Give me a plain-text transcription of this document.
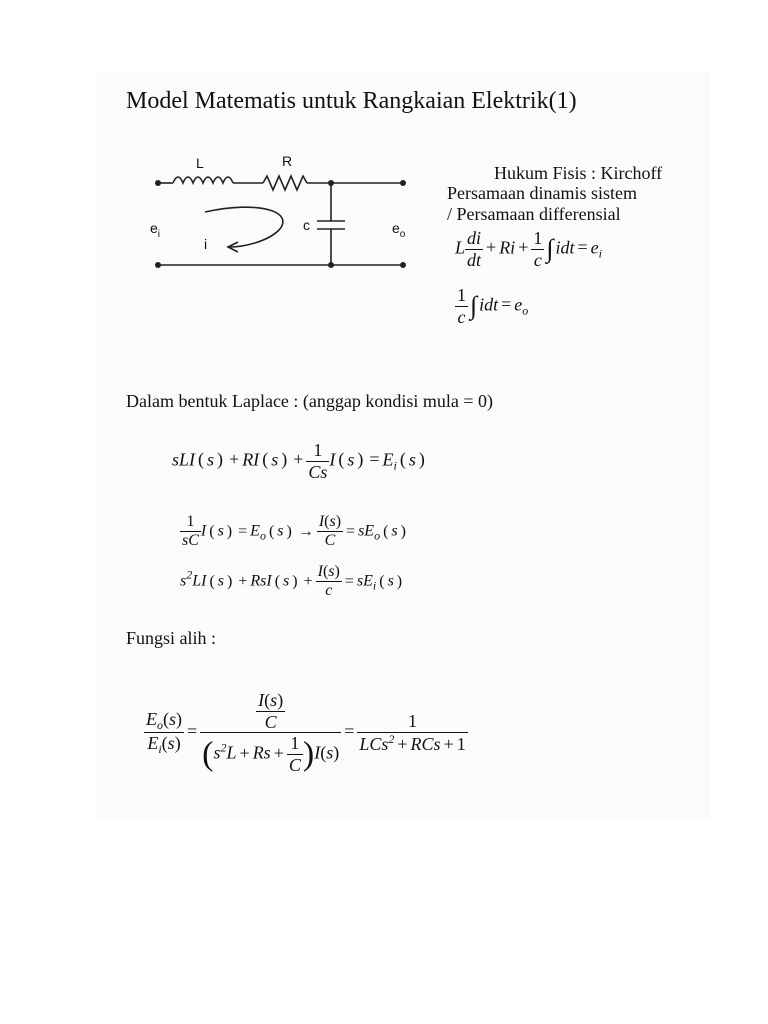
Model Matematis untuk Rangkaian Elektrik(1)
L	R
c
$e_i$	$e_o$
i
Hukum Fisis : Kirchoff
Persamaan dinamis sistem
/ Persamaan differensial
L $\frac{di}{dt} + Ri + \frac{1}{c}$ ∫ idt = $e_i$
$\frac{1}{c}$ ∫ idt = $e_o$
Dalam bentuk Laplace : (anggap kondisi mula = 0)
sLI ( s ) + RI ( s ) + $\frac{1}{Cs}$ I ( s ) = $E_i$ ( s )
$\frac{1}{sC}$ I ( s ) = $E_o$ ( s ) → $\frac{I(s)}{C} = sE_o$ ( s )
$s^2LI$ ( s ) + RsI ( s ) + $\frac{I(s)}{c} = sE_i$ ( s )
Fungsi alih :
$\frac{E_o(s)}{E_i(s)} = \frac{\frac{I(s)}{C}}{(s^2L + Rs + \frac{1}{C} )I(s)} = \frac{1}{LCs^2 + RCs + 1}$
